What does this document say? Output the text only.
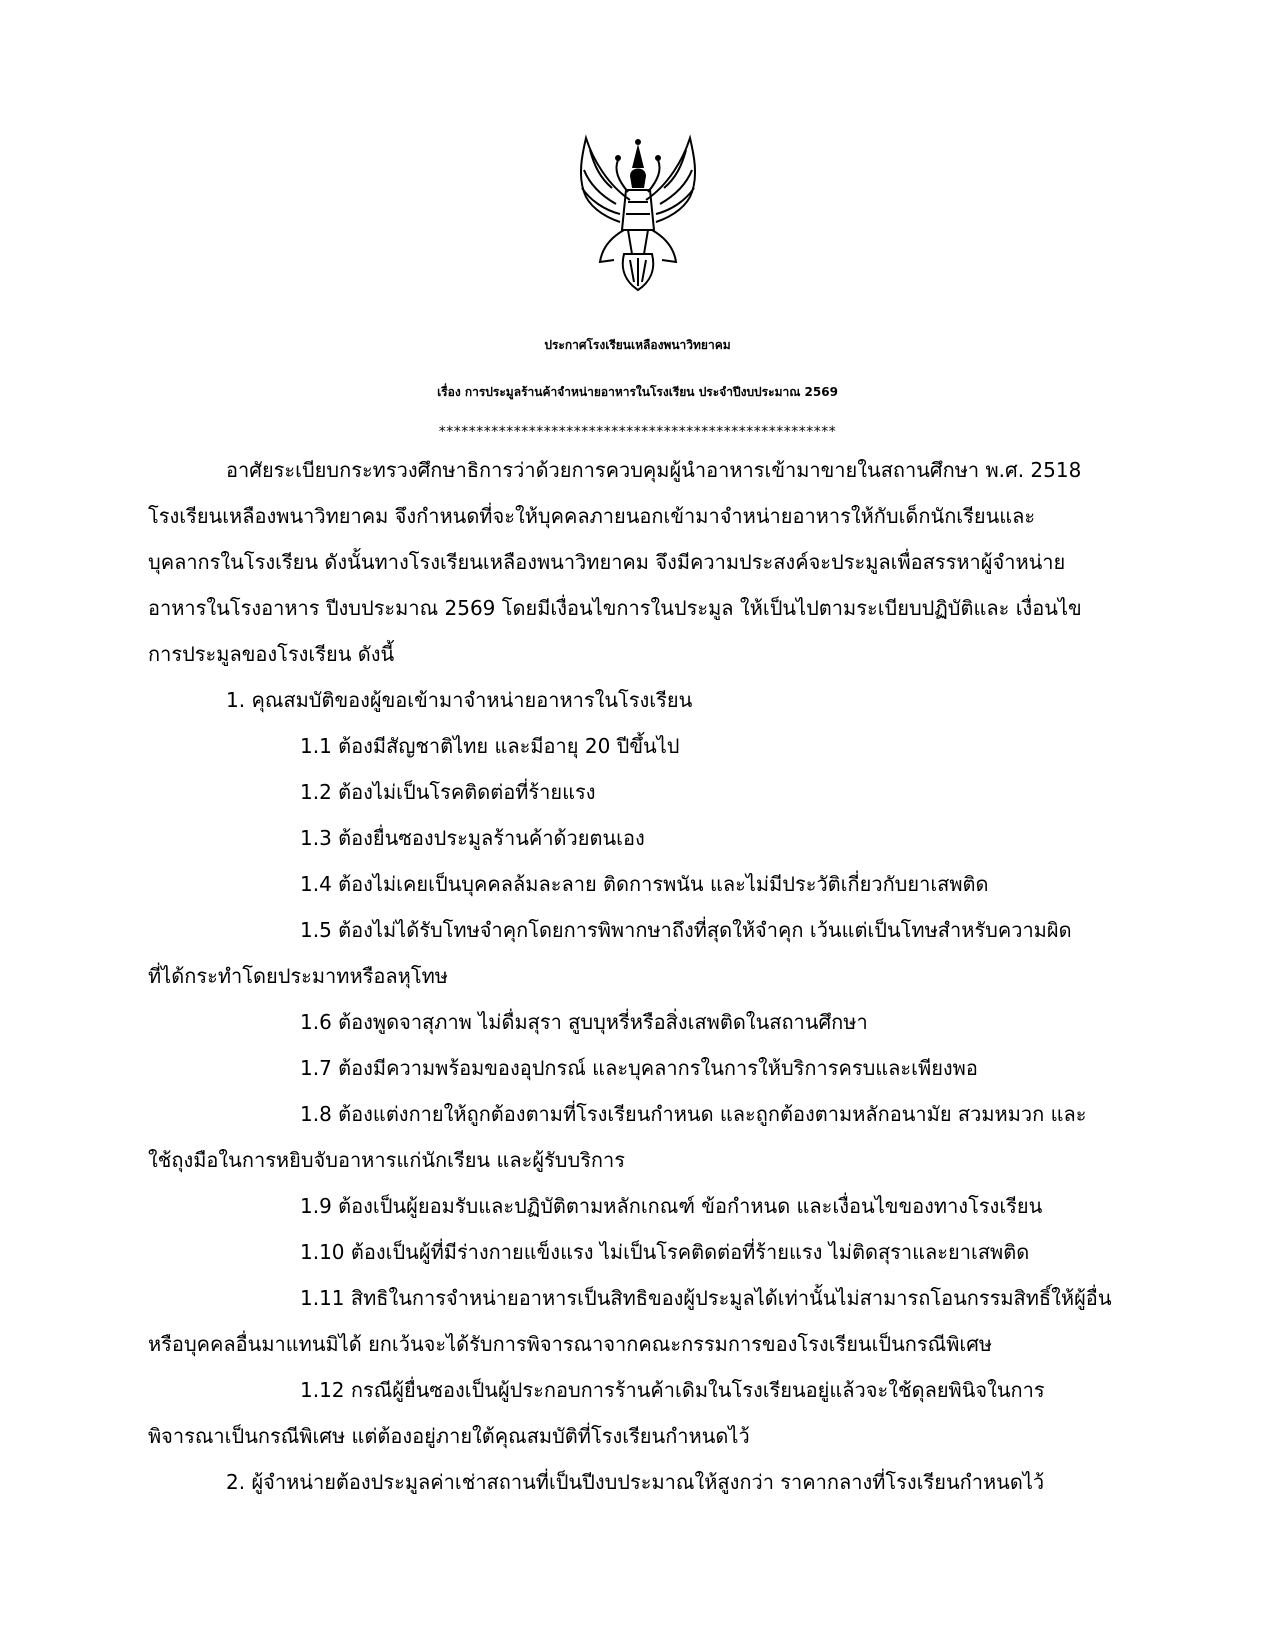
ประกาศโรงเรียนเหลืองพนาวิทยาคม
เรื่อง การประมูลร้านค้าจำหน่ายอาหารในโรงเรียน ประจำปีงบประมาณ 2569
*****************************************************
อาศัยระเบียบกระทรวงศึกษาธิการว่าด้วยการควบคุมผู้นำอาหารเข้ามาขายในสถานศึกษา พ.ศ. 2518
โรงเรียนเหลืองพนาวิทยาคม จึงกำหนดที่จะให้บุคคลภายนอกเข้ามาจำหน่ายอาหารให้กับเด็กนักเรียนและ
บุคลากรในโรงเรียน ดังนั้นทางโรงเรียนเหลืองพนาวิทยาคม จึงมีความประสงค์จะประมูลเพื่อสรรหาผู้จำหน่าย
อาหารในโรงอาหาร ปีงบประมาณ 2569 โดยมีเงื่อนไขการในประมูล ให้เป็นไปตามระเบียบปฏิบัติและ เงื่อนไข
การประมูลของโรงเรียน ดังนี้
1. คุณสมบัติของผู้ขอเข้ามาจำหน่ายอาหารในโรงเรียน
1.1 ต้องมีสัญชาติไทย และมีอายุ 20 ปีขึ้นไป
1.2 ต้องไม่เป็นโรคติดต่อที่ร้ายแรง
1.3 ต้องยื่นซองประมูลร้านค้าด้วยตนเอง
1.4 ต้องไม่เคยเป็นบุคคลล้มละลาย ติดการพนัน และไม่มีประวัติเกี่ยวกับยาเสพติด
1.5 ต้องไม่ได้รับโทษจำคุกโดยการพิพากษาถึงที่สุดให้จำคุก เว้นแต่เป็นโทษสำหรับความผิด
ที่ได้กระทำโดยประมาทหรือลหุโทษ
1.6 ต้องพูดจาสุภาพ ไม่ดื่มสุรา สูบบุหรี่หรือสิ่งเสพติดในสถานศึกษา
1.7 ต้องมีความพร้อมของอุปกรณ์ และบุคลากรในการให้บริการครบและเพียงพอ
1.8 ต้องแต่งกายให้ถูกต้องตามที่โรงเรียนกำหนด และถูกต้องตามหลักอนามัย สวมหมวก และ
ใช้ถุงมือในการหยิบจับอาหารแก่นักเรียน และผู้รับบริการ
1.9 ต้องเป็นผู้ยอมรับและปฏิบัติตามหลักเกณฑ์ ข้อกำหนด และเงื่อนไขของทางโรงเรียน
1.10 ต้องเป็นผู้ที่มีร่างกายแข็งแรง ไม่เป็นโรคติดต่อที่ร้ายแรง ไม่ติดสุราและยาเสพติด
1.11 สิทธิในการจำหน่ายอาหารเป็นสิทธิของผู้ประมูลได้เท่านั้นไม่สามารถโอนกรรมสิทธิ์ให้ผู้อื่น
หรือบุคคลอื่นมาแทนมิได้ ยกเว้นจะได้รับการพิจารณาจากคณะกรรมการของโรงเรียนเป็นกรณีพิเศษ
1.12 กรณีผู้ยื่นซองเป็นผู้ประกอบการร้านค้าเดิมในโรงเรียนอยู่แล้วจะใช้ดุลยพินิจในการ
พิจารณาเป็นกรณีพิเศษ แต่ต้องอยู่ภายใต้คุณสมบัติที่โรงเรียนกำหนดไว้
2. ผู้จำหน่ายต้องประมูลค่าเช่าสถานที่เป็นปีงบประมาณให้สูงกว่า ราคากลางที่โรงเรียนกำหนดไว้
